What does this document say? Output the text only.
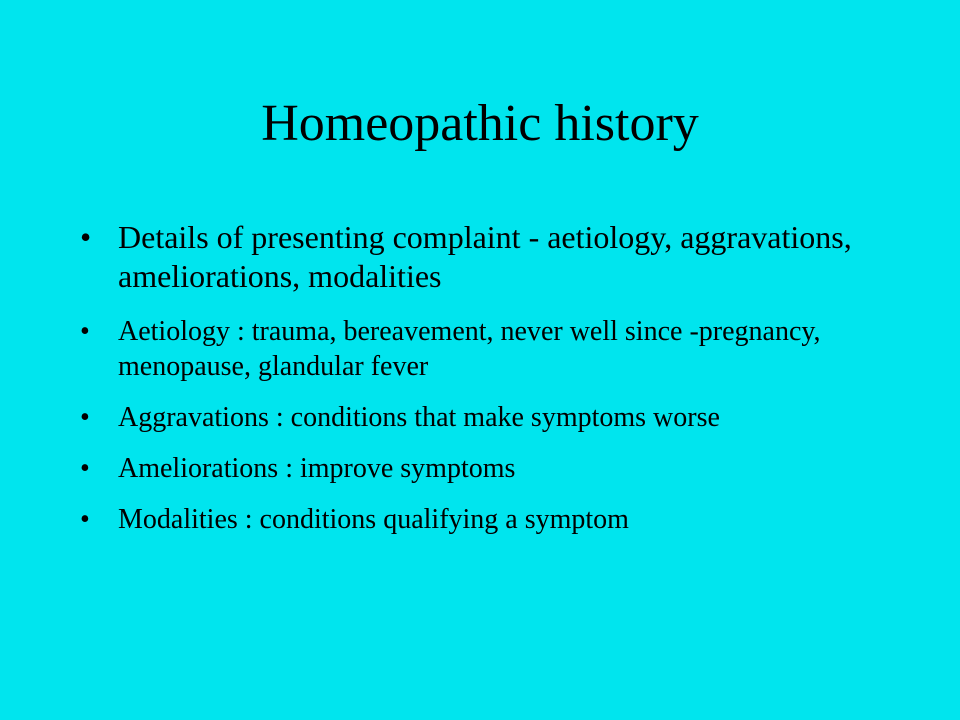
Homeopathic history
• Details of presenting complaint - aetiology, aggravations, ameliorations, modalities
• Aetiology : trauma, bereavement, never well since -pregnancy, menopause, glandular fever
• Aggravations : conditions that make symptoms worse
• Ameliorations : improve symptoms
• Modalities : conditions qualifying a symptom
